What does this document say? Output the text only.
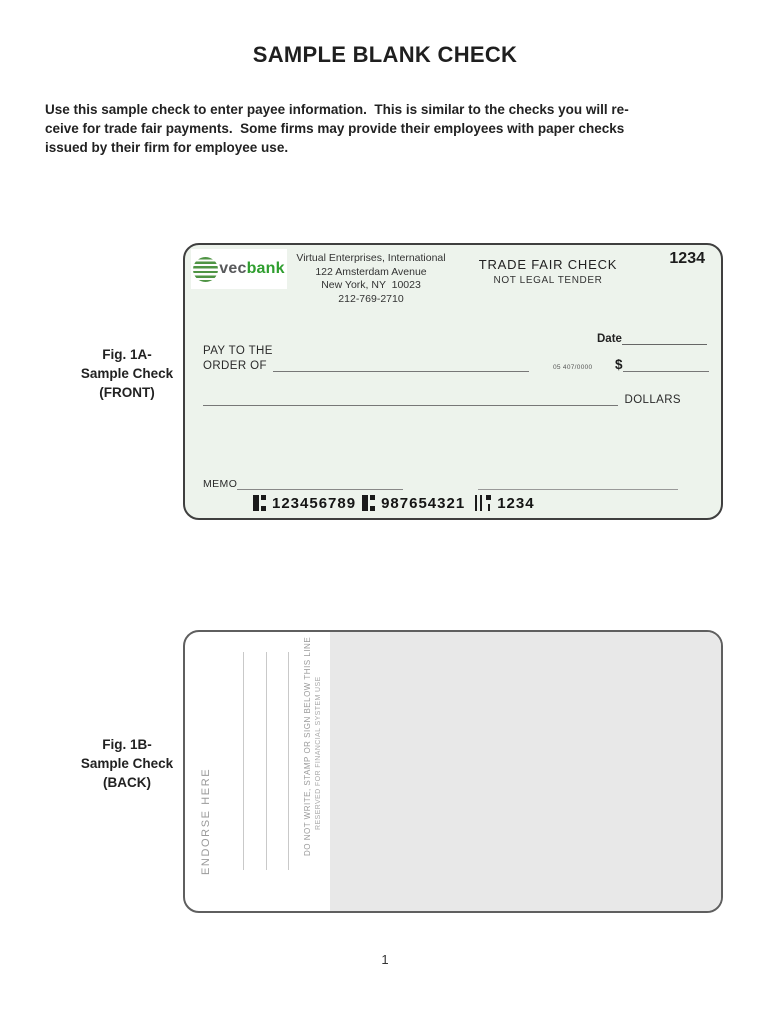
SAMPLE BLANK CHECK
Use this sample check to enter payee information.  This is similar to the checks you will re-
ceive for trade fair payments.  Some firms may provide their employees with paper checks
issued by their firm for employee use.
Fig. 1A-
Sample Check
(FRONT)
vec bank
Virtual Enterprises, International
122 Amsterdam Avenue
New York, NY  10023
212-769-2710
TRADE FAIR CHECK
NOT LEGAL TENDER
1234
Date
PAY TO THE
ORDER OF	05 407/0000 $
DOLLARS
MEMO
123456789 987654321 1234
Fig. 1B-
Sample Check
(BACK)	ENDORSE HERE	DO NOT WRITE, STAMP OR SIGN BELOW THIS LINE RESERVED FOR FINANCIAL SYSTEM USE
1
